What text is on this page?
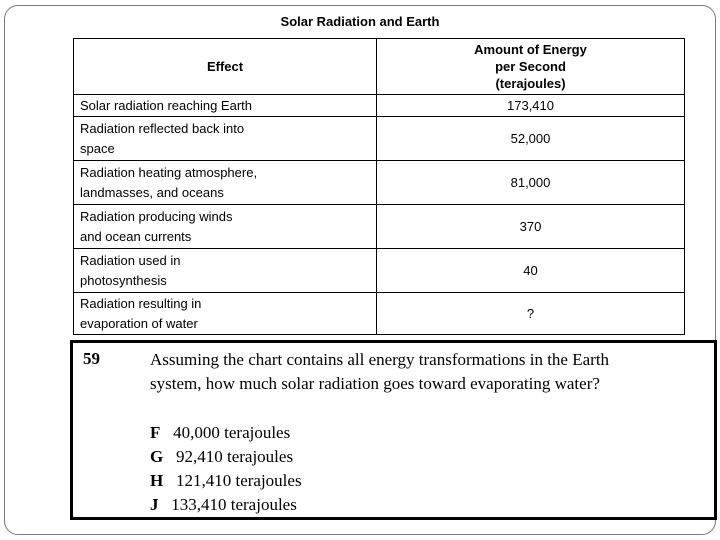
Solar Radiation and Earth
Effect	Amount of Energy
per Second
(terajoules)

Solar radiation reaching Earth	173,410

Radiation reflected back into
space	52,000

Radiation heating atmosphere,
landmasses, and oceans	81,000

Radiation producing winds
and ocean currents	370

Radiation used in
photosynthesis	40

Radiation resulting in
evaporation of water	?
59	Assuming the chart contains all energy transformations in the Earth
system, how much solar radiation goes toward evaporating water?
F 40,000 terajoules
G 92,410 terajoules
H 121,410 terajoules
J 133,410 terajoules
